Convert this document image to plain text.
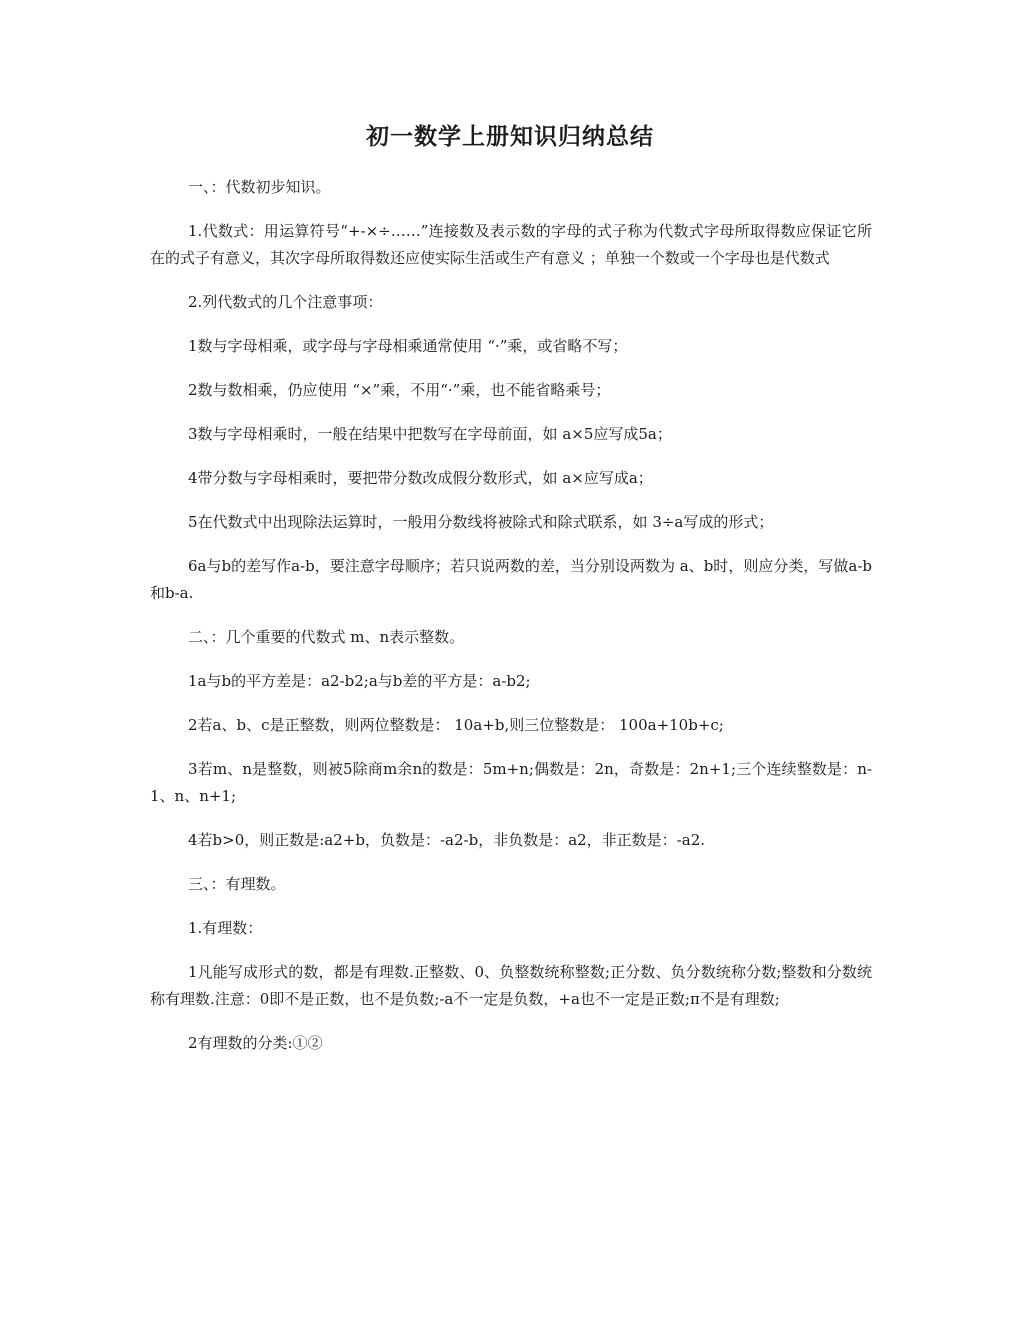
初一数学上册知识归纳总结

一、：代数初步知识。

1.代数式：用运算符号“+-×÷……”连接数及表示数的字母的式子称为代数式字母所取得数应保证它所在的式子有意义，其次字母所取得数还应使实际生活或生产有意义 ；单独一个数或一个字母也是代数式

2.列代数式的几个注意事项：

1数与字母相乘，或字母与字母相乘通常使用 “·”乘，或省略不写；

2数与数相乘，仍应使用 “×”乘，不用“·”乘，也不能省略乘号；

3数与字母相乘时，一般在结果中把数写在字母前面，如 a×5应写成5a；

4带分数与字母相乘时，要把带分数改成假分数形式，如 a×应写成a；

5在代数式中出现除法运算时，一般用分数线将被除式和除式联系，如 3÷a写成的形式；

6a与b的差写作a-b，要注意字母顺序；若只说两数的差，当分别设两数为 a、b时，则应分类，写做a-b和b-a.

二、：几个重要的代数式 m、n表示整数。

1a与b的平方差是：a2-b2;a与b差的平方是：a-b2;

2若a、b、c是正整数，则两位整数是： 10a+b,则三位整数是： 100a+10b+c;

3若m、n是整数，则被5除商m余n的数是：5m+n;偶数是：2n，奇数是：2n+1;三个连续整数是：n-1、n、n+1;

4若b>0，则正数是:a2+b，负数是：-a2-b，非负数是：a2，非正数是：-a2.

三、：有理数。

1.有理数：

1凡能写成形式的数，都是有理数.正整数、0、负整数统称整数;正分数、负分数统称分数;整数和分数统称有理数.注意：0即不是正数，也不是负数;-a不一定是负数，+a也不一定是正数;π不是有理数;

2有理数的分类:①②
